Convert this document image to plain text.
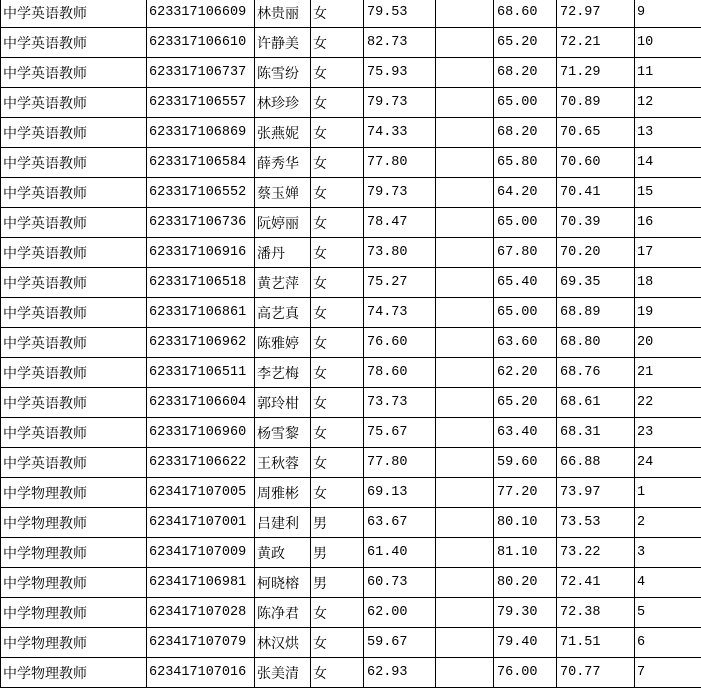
中学英语教师	623317106609	林贵丽	女	79.53		68.60	72.97	9
中学英语教师	623317106610	许静美	女	82.73		65.20	72.21	10
中学英语教师	623317106737	陈雪纷	女	75.93		68.20	71.29	11
中学英语教师	623317106557	林珍珍	女	79.73		65.00	70.89	12
中学英语教师	623317106869	张燕妮	女	74.33		68.20	70.65	13
中学英语教师	623317106584	薛秀华	女	77.80		65.80	70.60	14
中学英语教师	623317106552	蔡玉婵	女	79.73		64.20	70.41	15
中学英语教师	623317106736	阮婷丽	女	78.47		65.00	70.39	16
中学英语教师	623317106916	潘丹	女	73.80		67.80	70.20	17
中学英语教师	623317106518	黄艺萍	女	75.27		65.40	69.35	18
中学英语教师	623317106861	高艺真	女	74.73		65.00	68.89	19
中学英语教师	623317106962	陈雅婷	女	76.60		63.60	68.80	20
中学英语教师	623317106511	李艺梅	女	78.60		62.20	68.76	21
中学英语教师	623317106604	郭玲柑	女	73.73		65.20	68.61	22
中学英语教师	623317106960	杨雪黎	女	75.67		63.40	68.31	23
中学英语教师	623317106622	王秋蓉	女	77.80		59.60	66.88	24
中学物理教师	623417107005	周雅彬	女	69.13		77.20	73.97	1
中学物理教师	623417107001	吕建利	男	63.67		80.10	73.53	2
中学物理教师	623417107009	黄政	男	61.40		81.10	73.22	3
中学物理教师	623417106981	柯晓榕	男	60.73		80.20	72.41	4
中学物理教师	623417107028	陈净君	女	62.00		79.30	72.38	5
中学物理教师	623417107079	林汉烘	女	59.67		79.40	71.51	6
中学物理教师	623417107016	张美清	女	62.93		76.00	70.77	7
